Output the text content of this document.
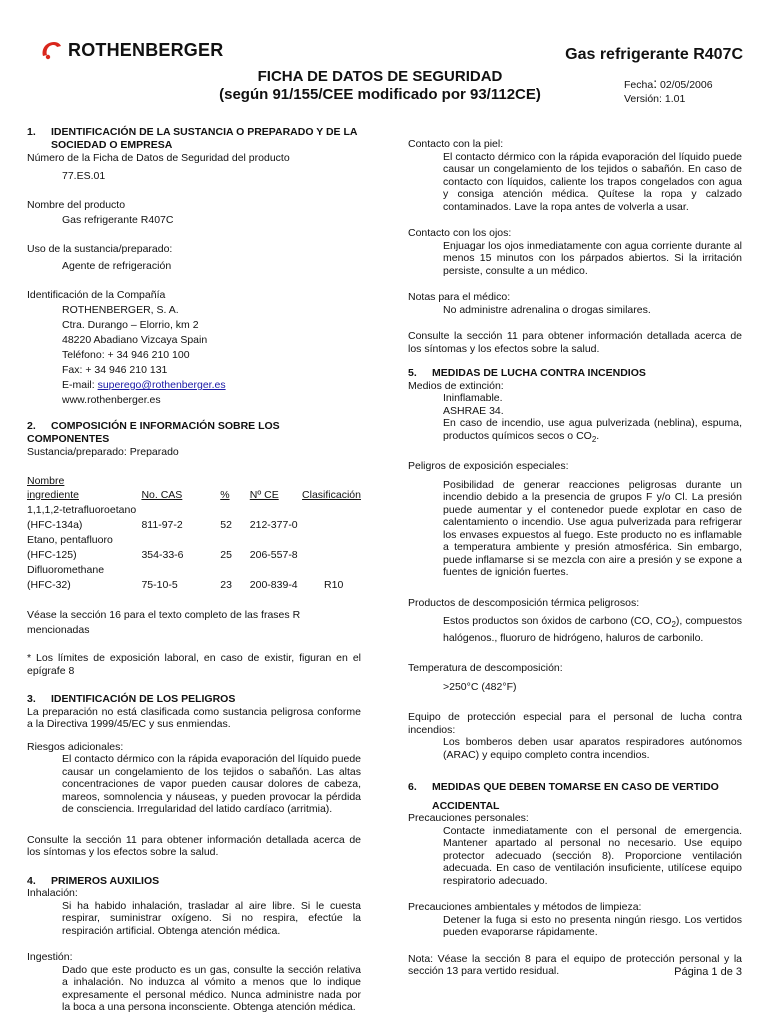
ROTHENBERGER	Gas refrigerante R407C
FICHA DE DATOS DE SEGURIDAD
(según 91/155/CEE modificado por 93/112CE)
Fecha: 02/05/2006
Versión: 1.01
1. IDENTIFICACIÓN DE LA SUSTANCIA O PREPARADO Y DE LA
SOCIEDAD O EMPRESA
Número de la Ficha de Datos de Seguridad del producto
77.ES.01
Nombre del producto
Gas refrigerante R407C
Uso de la sustancia/preparado:
Agente de refrigeración
Identificación de la Compañía
ROTHENBERGER, S. A.
Ctra. Durango – Elorrio, km 2
48220 Abadiano Vizcaya Spain
Teléfono: + 34 946 210 100
Fax: + 34 946 210 131
E-mail: superego@rothenberger.es
www.rothenberger.es
2. COMPOSICIÓN E INFORMACIÓN SOBRE LOS COMPONENTES
Sustancia/preparado: Preparado
Nombre
ingrediente	No. CAS	%	Nº CE	Clasificación
1,1,1,2-tetrafluoroetano				
(HFC-134a)	811-97-2	52	212-377-0	
Etano, pentafluoro				
(HFC-125)	354-33-6	25	206-557-8	
Difluoromethane				
(HFC-32)	75-10-5	23	200-839-4	R10
Véase la sección 16 para el texto completo de las frases R mencionadas
* Los límites de exposición laboral, en caso de existir, figuran en el epígrafe 8
3. IDENTIFICACIÓN DE LOS PELIGROS
La preparación no está clasificada como sustancia peligrosa conforme a la Directiva 1999/45/EC y sus enmiendas.
Riesgos adicionales:
El contacto dérmico con la rápida evaporación del líquido puede causar un congelamiento de los tejidos o sabañón. Las altas concentraciones de vapor pueden causar dolores de cabeza, mareos, somnolencia y náuseas, y pueden provocar la pérdida de consciencia. Irregularidad del latido cardíaco (arritmia).
Consulte la sección 11 para obtener información detallada acerca de los síntomas y los efectos sobre la salud.
4. PRIMEROS AUXILIOS
Inhalación:
Si ha habido inhalación, trasladar al aire libre. Si le cuesta respirar, suministrar oxígeno. Si no respira, efectúe la respiración artificial. Obtenga atención médica.
Ingestión:
Dado que este producto es un gas, consulte la sección relativa a inhalación. No induzca al vómito a menos que lo indique expresamente el personal médico. Nunca administre nada por la boca a una persona inconsciente. Obtenga atención médica.
Contacto con la piel:
El contacto dérmico con la rápida evaporación del líquido puede causar un congelamiento de los tejidos o sabañón. En caso de contacto con líquidos, caliente los trapos congelados con agua y consiga atención médica. Quítese la ropa y calzado contaminados. Lave la ropa antes de volverla a usar.
Contacto con los ojos:
Enjuagar los ojos inmediatamente con agua corriente durante al menos 15 minutos con los párpados abiertos. Si la irritación persiste, consulte a un médico.
Notas para el médico:
No administre adrenalina o drogas similares.
Consulte la sección 11 para obtener información detallada acerca de los síntomas y los efectos sobre la salud.
5. MEDIDAS DE LUCHA CONTRA INCENDIOS
Medios de extinción:
Ininflamable.
ASHRAE 34.
En caso de incendio, use agua pulverizada (neblina), espuma, productos químicos secos o $CO_2$.
Peligros de exposición especiales:
Posibilidad de generar reacciones peligrosas durante un incendio debido a la presencia de grupos F y/o Cl. La presión puede aumentar y el contenedor puede explotar en caso de calentamiento o incendio. Use agua pulverizada para refrigerar los envases expuestos al fuego. Este producto no es inflamable a temperatura ambiente y presión atmosférica. Sin embargo, puede inflamarse si se mezcla con aire a presión y se expone a fuentes de ignición fuertes.
Productos de descomposición térmica peligrosos:
Estos productos son óxidos de carbono (CO, $CO_2$), compuestos halógenos., fluoruro de hidrógeno, haluros de carbonilo.
Temperatura de descomposición:
>250°C (482°F)
Equipo de protección especial para el personal de lucha contra incendios:
Los bomberos deben usar aparatos respiradores autónomos (ARAC) y equipo completo contra incendios.
6. MEDIDAS QUE DEBEN TOMARSE EN CASO DE VERTIDO
ACCIDENTAL
Precauciones personales:
Contacte inmediatamente con el personal de emergencia. Mantener apartado al personal no necesario. Use equipo protector adecuado (sección 8). Proporcione ventilación adecuada. En caso de ventilación insuficiente, utilícese equipo respiratorio adecuado.
Precauciones ambientales y métodos de limpieza:
Detener la fuga si esto no presenta ningún riesgo. Los vertidos pueden evaporarse rápidamente.
Nota: Véase la sección 8 para el equipo de protección personal y la sección 13 para vertido residual.	Página 1 de 3
